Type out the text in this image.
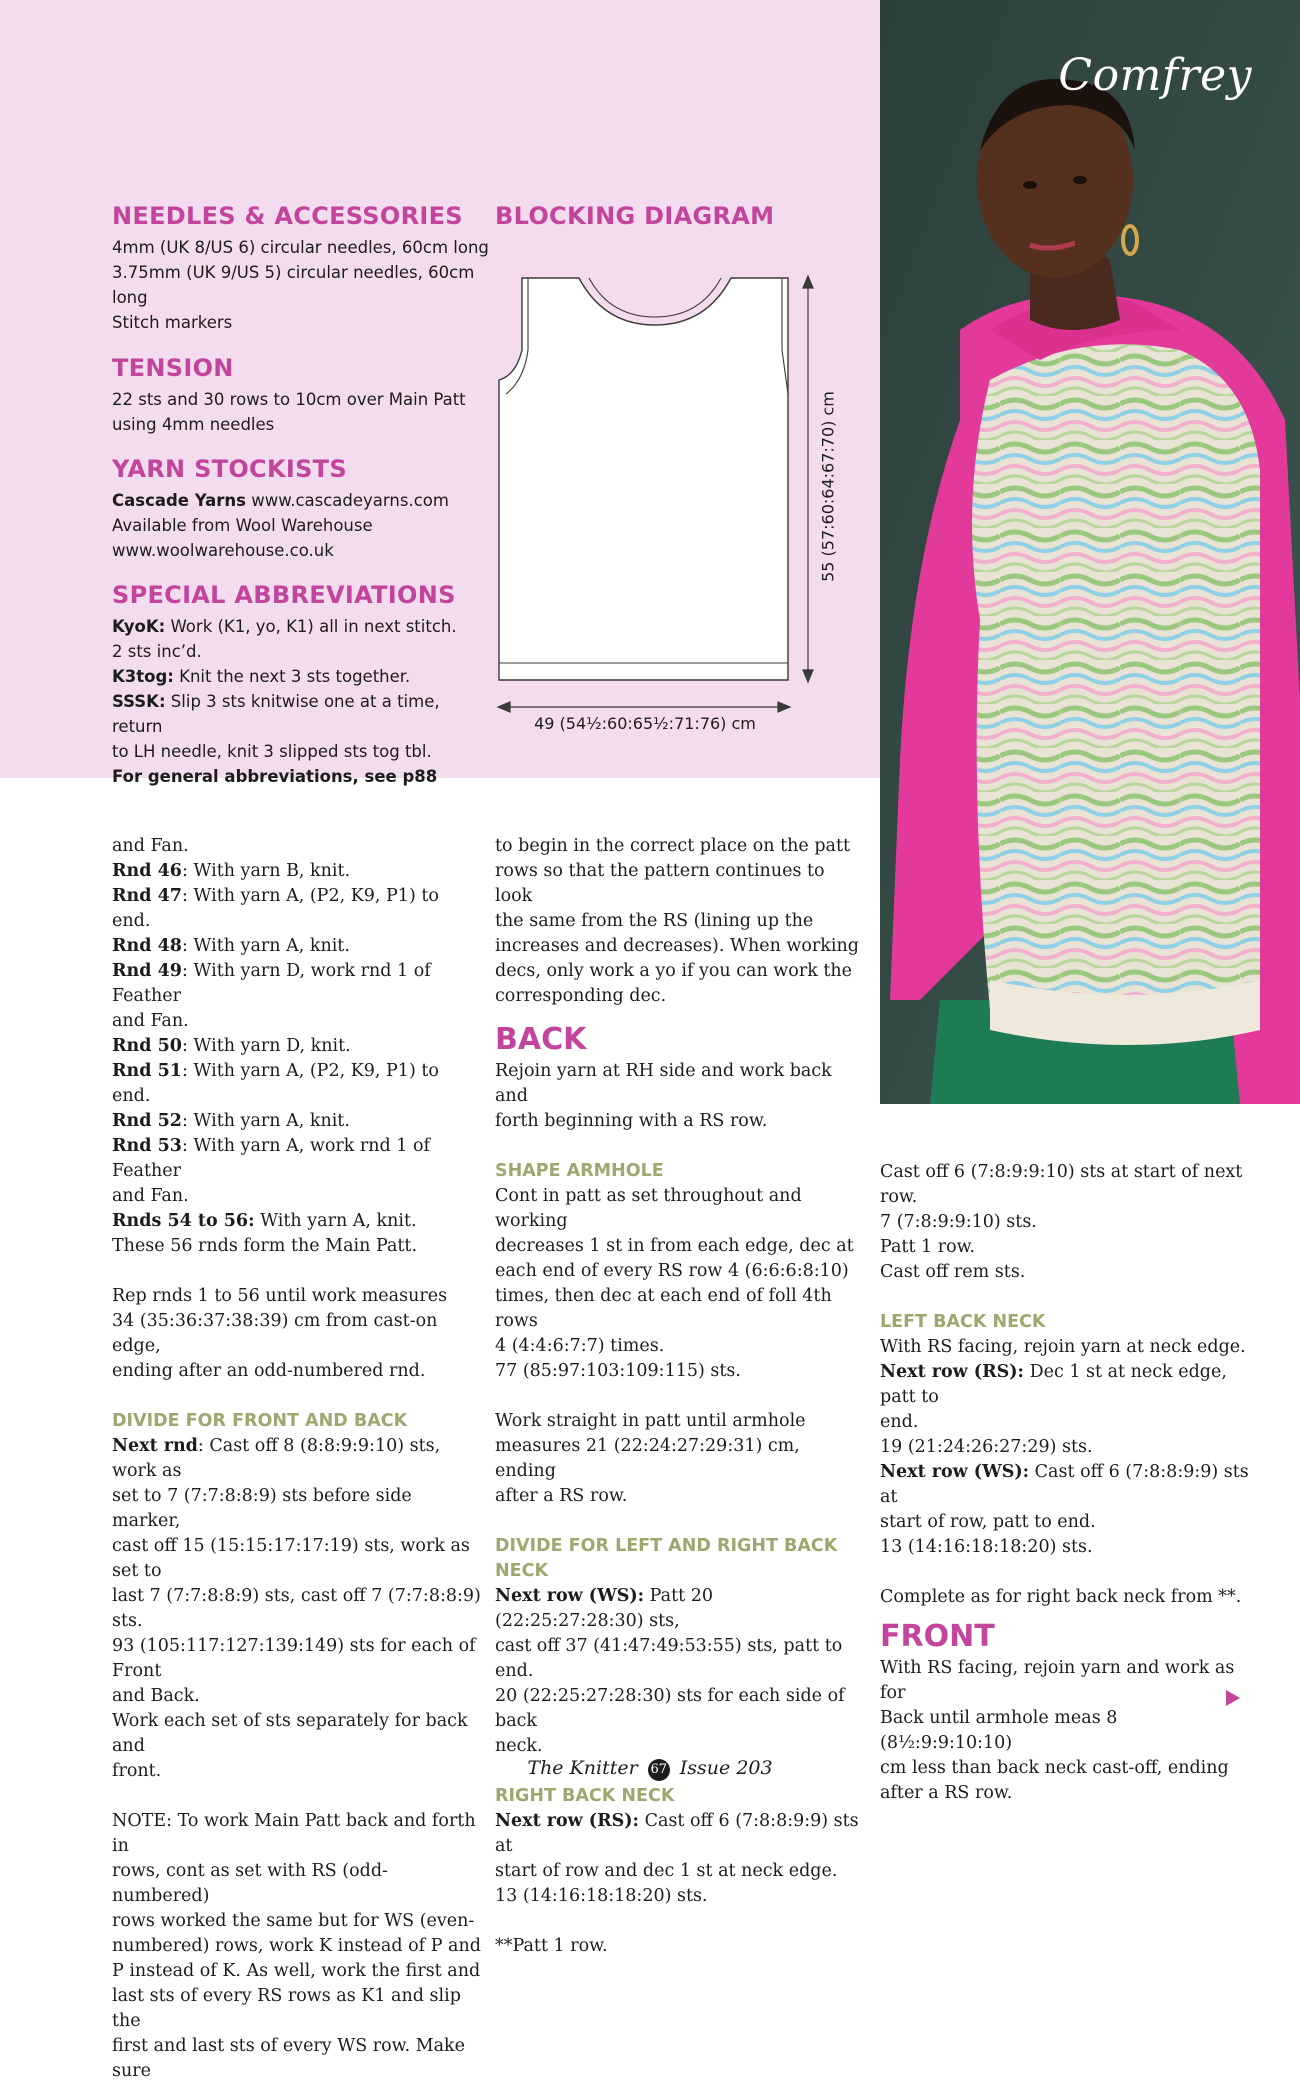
Comfrey
NEEDLES & ACCESSORIES

4mm (UK 8/US 6) circular needles, 60cm long

3.75mm (UK 9/US 5) circular needles, 60cm

long

Stitch markers

TENSION

22 sts and 30 rows to 10cm over Main Patt

using 4mm needles

YARN STOCKISTS

Cascade Yarns www.cascadeyarns.com

Available from Wool Warehouse

www.woolwarehouse.co.uk

SPECIAL ABBREVIATIONS

KyoK: Work (K1, yo, K1) all in next stitch.

2 sts inc’d.

K3tog: Knit the next 3 sts together.

SSSK: Slip 3 sts knitwise one at a time, return

to LH needle, knit 3 slipped sts tog tbl.

For general abbreviations, see p88

BLOCKING DIAGRAM
55 (57:60:64:67:70) cm
49 (54½:60:65½:71:76) cm

and Fan.

Rnd 46: With yarn B, knit.

Rnd 47: With yarn A, (P2, K9, P1) to end.

Rnd 48: With yarn A, knit.

Rnd 49: With yarn D, work rnd 1 of Feather

and Fan.

Rnd 50: With yarn D, knit.

Rnd 51: With yarn A, (P2, K9, P1) to end.

Rnd 52: With yarn A, knit.

Rnd 53: With yarn A, work rnd 1 of Feather

and Fan.

Rnds 54 to 56: With yarn A, knit.

These 56 rnds form the Main Patt.

Rep rnds 1 to 56 until work measures

34 (35:36:37:38:39) cm from cast-on edge,

ending after an odd-numbered rnd.

DIVIDE FOR FRONT AND BACK

Next rnd: Cast off 8 (8:8:9:9:10) sts, work as

set to 7 (7:7:8:8:9) sts before side marker,

cast off 15 (15:15:17:17:19) sts, work as set to

last 7 (7:7:8:8:9) sts, cast off 7 (7:7:8:8:9) sts.

93 (105:117:127:139:149) sts for each of Front

and Back.

Work each set of sts separately for back and

front.

NOTE: To work Main Patt back and forth in

rows, cont as set with RS (odd-numbered)

rows worked the same but for WS (even-

numbered) rows, work K instead of P and

P instead of K. As well, work the first and

last sts of every RS rows as K1 and slip the

first and last sts of every WS row. Make sure

to begin in the correct place on the patt

rows so that the pattern continues to look

the same from the RS (lining up the

increases and decreases). When working

decs, only work a yo if you can work the

corresponding dec.

BACK

Rejoin yarn at RH side and work back and

forth beginning with a RS row.

SHAPE ARMHOLE

Cont in patt as set throughout and working

decreases 1 st in from each edge, dec at

each end of every RS row 4 (6:6:6:8:10)

times, then dec at each end of foll 4th rows

4 (4:4:6:7:7) times.

77 (85:97:103:109:115) sts.

Work straight in patt until armhole

measures 21 (22:24:27:29:31) cm, ending

after a RS row.

DIVIDE FOR LEFT AND RIGHT BACK NECK

Next row (WS): Patt 20 (22:25:27:28:30) sts,

cast off 37 (41:47:49:53:55) sts, patt to end.

20 (22:25:27:28:30) sts for each side of back

neck.

RIGHT BACK NECK

Next row (RS): Cast off 6 (7:8:8:9:9) sts at

start of row and dec 1 st at neck edge.

13 (14:16:18:18:20) sts.

**Patt 1 row.

Cast off 6 (7:8:9:9:10) sts at start of next

row.

7 (7:8:9:9:10) sts.

Patt 1 row.

Cast off rem sts.

LEFT BACK NECK

With RS facing, rejoin yarn at neck edge.

Next row (RS): Dec 1 st at neck edge, patt to

end.

19 (21:24:26:27:29) sts.

Next row (WS): Cast off 6 (7:8:8:9:9) sts at

start of row, patt to end.

13 (14:16:18:18:20) sts.

Complete as for right back neck from **.

FRONT

With RS facing, rejoin yarn and work as for

Back until armhole meas 8 (8½:9:9:10:10)

cm less than back neck cast-off, ending

after a RS row.

The Knitter 67 Issue 203
